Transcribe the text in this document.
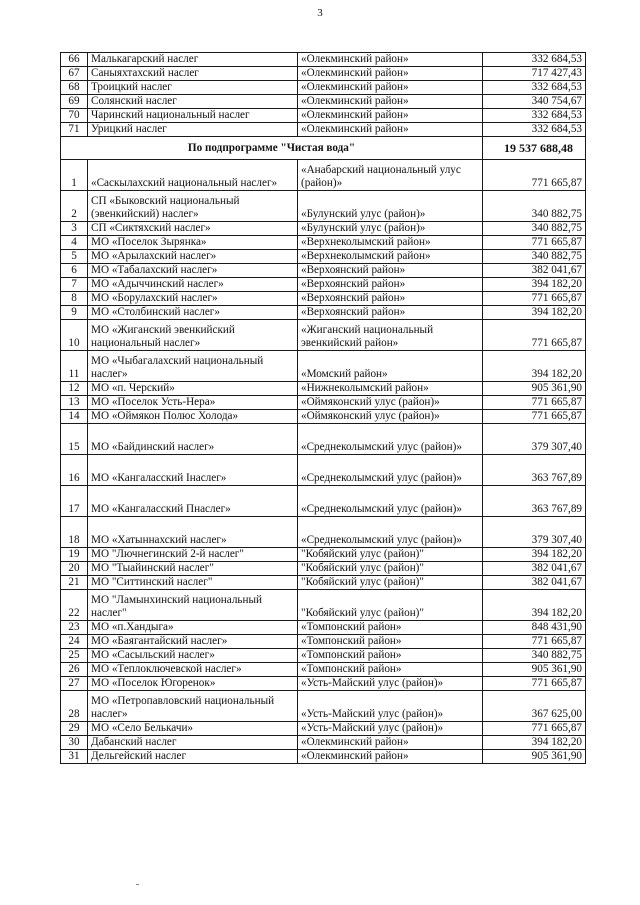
3
66	Малькагарский наслег	«Олекминский район»	332 684,53
67	Саныяхтахский наслег	«Олекминский район»	717 427,43
68	Троицкий наслег	«Олекминский район»	332 684,53
69	Солянский наслег	«Олекминский район»	340 754,67
70	Чаринский национальный наслег	«Олекминский район»	332 684,53
71	Урицкий наслег	«Олекминский район»	332 684,53
По подпрограмме "Чистая вода"			19 537 688,48
1	«Саскылахский национальный наслег»	«Анабарский национальный улус (район)»	771 665,87
2	СП «Быковский национальный (эвенкийский) наслег»	«Булунский улус (район)»	340 882,75
3	СП «Сиктяхский наслег»	«Булунский улус (район)»	340 882,75
4	МО «Поселок Зырянка»	«Верхнеколымский район»	771 665,87
5	МО «Арылахский наслег»	«Верхнеколымский район»	340 882,75
6	МО «Табалахский наслег»	«Верхоянский район»	382 041,67
7	МО «Адыччинский наслег»	«Верхоянский район»	394 182,20
8	МО «Борулахский наслег»	«Верхоянский район»	771 665,87
9	МО «Столбинский наслег»	«Верхоянский район»	394 182,20
10	МО «Жиганский эвенкийский национальный наслег»	«Жиганский национальный эвенкийский район»	771 665,87
11	МО «Чыбагалахский национальный наслег»	«Момский район»	394 182,20
12	МО «п. Черский»	«Нижнеколымский район»	905 361,90
13	МО «Поселок Усть-Нера»	«Оймяконский улус (район)»	771 665,87
14	МО «Оймякон Полюс Холода»	«Оймяконский улус (район)»	771 665,87
15	МО «Байдинский наслег»	«Среднеколымский улус (район)»	379 307,40
16	МО «Кангаласский Iнаслег»	«Среднеколымский улус (район)»	363 767,89
17	МО «Кангаласский Пнаслег»	«Среднеколымский улус (район)»	363 767,89
18	МО «Хатыннахский наслег»	«Среднеколымский улус (район)»	379 307,40
19	МО "Лючнегинский 2-й наслег"	"Кобяйский улус (район)"	394 182,20
20	МО "Тыайинский наслег"	"Кобяйский улус (район)"	382 041,67
21	МО "Ситтинский наслег"	"Кобяйский улус (район)"	382 041,67
22	МО "Ламынхинский национальный наслег"	"Кобяйский улус (район)"	394 182,20
23	МО «п.Хандыга»	«Томпонский район»	848 431,90
24	МО «Баягантайский наслег»	«Томпонский район»	771 665,87
25	МО «Сасыльский наслег»	«Томпонский район»	340 882,75
26	МО «Теплоключевской наслег»	«Томпонский район»	905 361,90
27	МО «Поселок Югоренок»	«Усть-Майский улус (район)»	771 665,87
28	МО «Петропавловский национальный наслег»	«Усть-Майский улус (район)»	367 625,00
29	МО «Село Белькачи»	«Усть-Майский улус (район)»	771 665,87
30	Дабанский наслег	«Олекминский район»	394 182,20
31	Дельгейский наслег	«Олекминский район»	905 361,90
